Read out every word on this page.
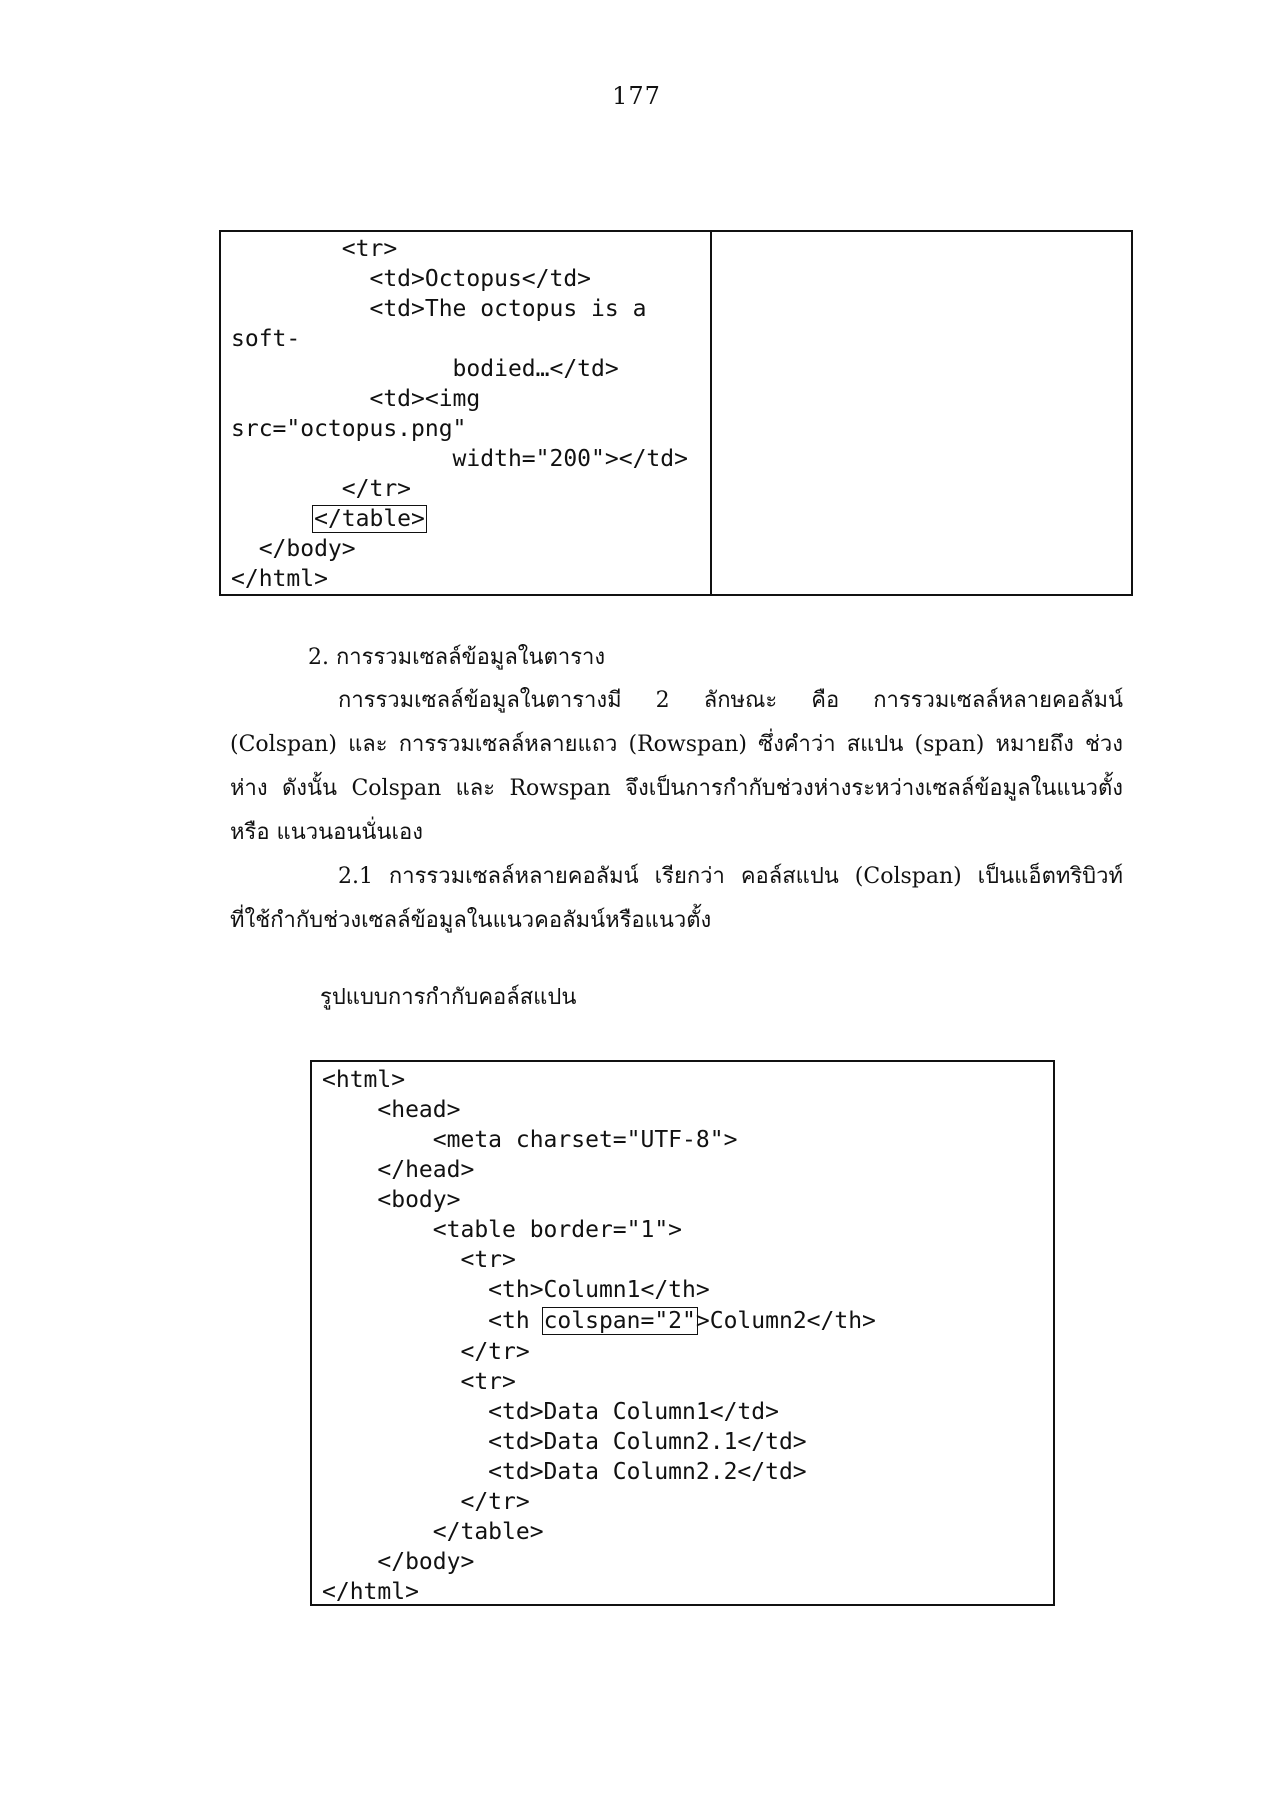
177
<tr>
<td>Octopus</td>
<td>The octopus is a
soft-
bodied…</td>
<td><img
src="octopus.png"
width="200"></td>
</tr>
</table>
</body>
</html>
2. การรวมเซลล์ข้อมูลในตาราง
การรวมเซลล์ข้อมูลในตารางมี 2 ลักษณะ คือ การรวมเซลล์หลายคอลัมน์
(Colspan) และ การรวมเซลล์หลายแถว (Rowspan) ซึ่งคำว่า สแปน (span) หมายถึง ช่วง
ห่าง ดังนั้น Colspan และ Rowspan จึงเป็นการกำกับช่วงห่างระหว่างเซลล์ข้อมูลในแนวตั้ง
หรือ แนวนอนนั่นเอง
2.1 การรวมเซลล์หลายคอลัมน์ เรียกว่า คอล์สแปน (Colspan) เป็นแอ็ตทริบิวท์
ที่ใช้กำกับช่วงเซลล์ข้อมูลในแนวคอลัมน์หรือแนวตั้ง
รูปแบบการกำกับคอล์สแปน
<html>
<head>
<meta charset="UTF-8">
</head>
<body>
<table border="1">
<tr>
<th>Column1</th>
<th colspan="2">Column2</th>
</tr>
<tr>
<td>Data Column1</td>
<td>Data Column2.1</td>
<td>Data Column2.2</td>
</tr>
</table>
</body>
</html>
